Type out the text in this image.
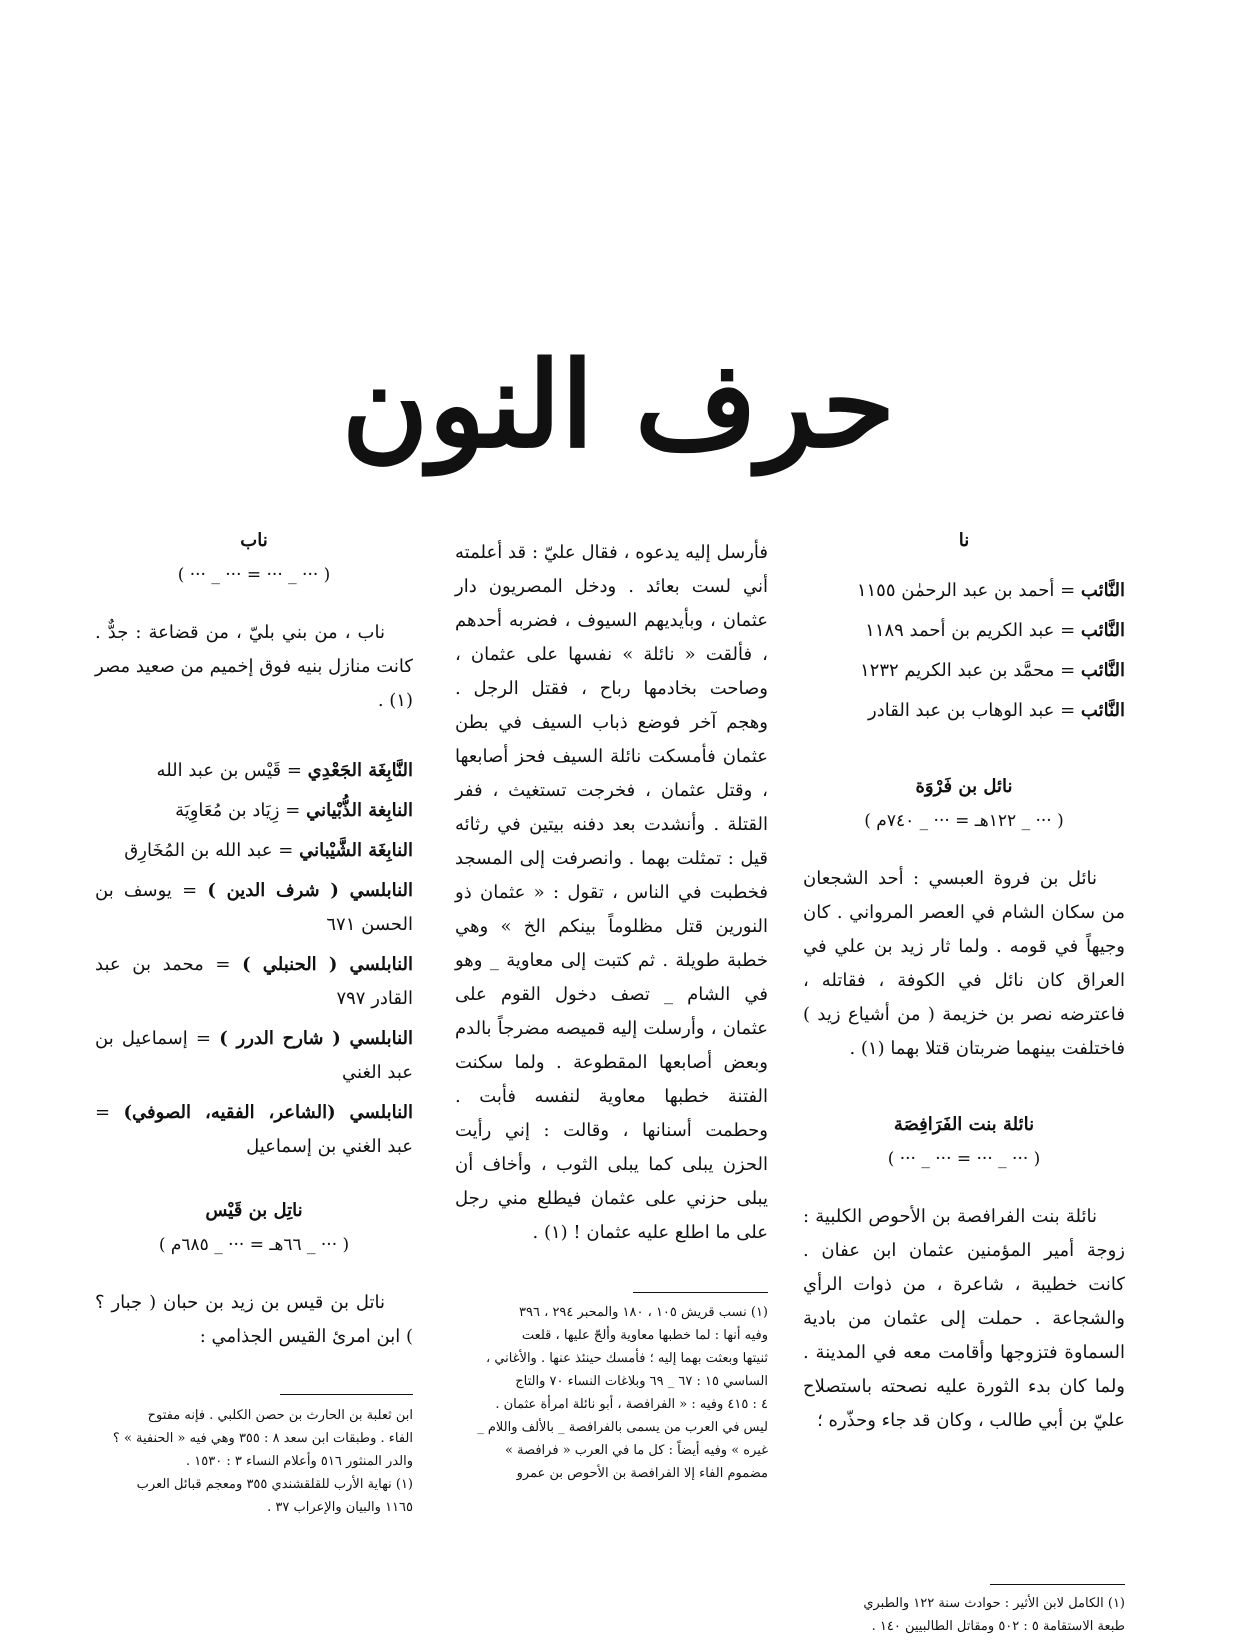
حرف النون

نا

النَّائب = أحمد بن عبد الرحمٰن ١١٥٥

النَّائب = عبد الكريم بن أحمد ١١٨٩

النَّائب = محمَّد بن عبد الكريم ١٢٣٢

النَّائب = عبد الوهاب بن عبد القادر

نائل بن فَرْوَة

( ··· _ ١٢٢هـ = ··· _ ٧٤٠م )

نائل بن فروة العبسي : أحد الشجعان من سكان الشام في العصر المرواني . كان وجيهاً في قومه . ولما ثار زيد بن علي في العراق كان نائل في الكوفة ، فقاتله ، فاعترضه نصر بن خزيمة ( من أشياع زيد ) فاختلفت بينهما ضربتان قتلا بهما (١) .

نائلة بنت الفَرَافِصَة

( ··· _ ··· = ··· _ ··· )

نائلة بنت الفرافصة بن الأحوص الكلبية : زوجة أمير المؤمنين عثمان ابن عفان . كانت خطيبة ، شاعرة ، من ذوات الرأي والشجاعة . حملت إلى عثمان من بادية السماوة فتزوجها وأقامت معه في المدينة . ولما كان بدء الثورة عليه نصحته باستصلاح عليّ بن أبي طالب ، وكان قد جاء وحذّره ؛

فأرسل إليه يدعوه ، فقال عليّ : قد أعلمته أني لست بعائد . ودخل المصريون دار عثمان ، وبأيديهم السيوف ، فضربه أحدهم ، فألقت « نائلة » نفسها على عثمان ، وصاحت بخادمها رباح ، فقتل الرجل . وهجم آخر فوضع ذباب السيف في بطن عثمان فأمسكت نائلة السيف فحز أصابعها ، وقتل عثمان ، فخرجت تستغيث ، ففر القتلة . وأنشدت بعد دفنه بيتين في رثائه قيل : تمثلت بهما . وانصرفت إلى المسجد فخطبت في الناس ، تقول : « عثمان ذو النورين قتل مظلوماً بينكم الخ » وهي خطبة طويلة . ثم كتبت إلى معاوية _ وهو في الشام _ تصف دخول القوم على عثمان ، وأرسلت إليه قميصه مضرجاً بالدم وبعض أصابعها المقطوعة . ولما سكنت الفتنة خطبها معاوية لنفسه فأبت . وحطمت أسنانها ، وقالت : إني رأيت الحزن يبلى كما يبلى الثوب ، وأخاف أن يبلى حزني على عثمان فيطلع مني رجل على ما اطلع عليه عثمان ! (١) .

ناب

( ··· _ ··· = ··· _ ··· )

ناب ، من بني بليّ ، من قضاعة : جدٌّ . كانت منازل بنيه فوق إخميم من صعيد مصر (١) .

النَّابِغَة الجَعْدِي = قَيْس بن عبد الله

النابِغة الذُّبْياني = زِيَاد بن مُعَاوِيَة

النابِغَة الشَّيْباني = عبد الله بن المُخَارِق

النابلسي ( شرف الدين ) = يوسف بن الحسن ٦٧١

النابلسي ( الحنبلي ) = محمد بن عبد القادر ٧٩٧

النابلسي ( شارح الدرر ) = إسماعيل بن عبد الغني

النابلسي (الشاعر، الفقيه، الصوفي) = عبد الغني بن إسماعيل

ناتِل بن قَيْس

( ··· _ ٦٦هـ = ··· _ ٦٨٥م )

ناتل بن قيس بن زيد بن حبان ( جبار ؟ ) ابن امرئ القيس الجذامي :

(١) الكامل لابن الأثير : حوادث سنة ١٢٢ والطبري

طبعة الاستقامة ٥ : ٥٠٢ ومقاتل الطالبيين ١٤٠ .

(١) نسب قريش ١٠٥ ، ١٨٠ والمحبر ٢٩٤ ، ٣٩٦

وفيه أنها : لما خطبها معاوية وألحّ عليها ، قلعت

ثنيتها وبعثت بهما إليه ؛ فأمسك حينئذ عنها . والأغاني ،

الساسي ١٥ : ٦٧ _ ٦٩ وبلاغات النساء ٧٠ والتاج

٤ : ٤١٥ وفيه : « الفرافصة ، أبو نائلة امرأة عثمان .

ليس في العرب من يسمى بالفرافصة _ بالألف واللام _

غيره » وفيه أيضاً : كل ما في العرب « فرافصة »

مضموم الفاء إلا الفرافصة بن الأحوص بن عمرو

ابن ثعلبة بن الحارث بن حصن الكلبي . فإنه مفتوح

الفاء . وطبقات ابن سعد ٨ : ٣٥٥ وهي فيه « الحنفية » ؟

والدر المنثور ٥١٦ وأعلام النساء ٣ : ١٥٣٠ .

(١) نهاية الأرب للقلقشندي ٣٥٥ ومعجم قبائل العرب

١١٦٥ والبيان والإعراب ٣٧ .
